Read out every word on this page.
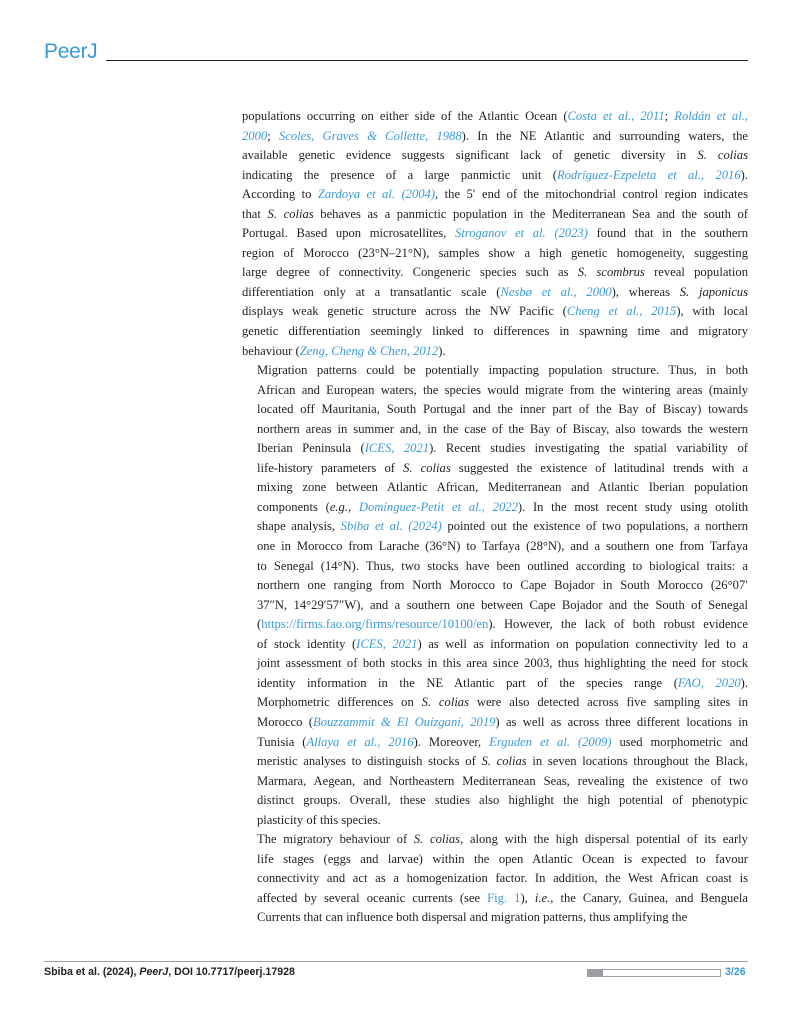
PeerJ

populations occurring on either side of the Atlantic Ocean (Costa et al., 2011; Roldán et al.,
2000; Scoles, Graves & Collette, 1988). In the NE Atlantic and surrounding waters, the
available genetic evidence suggests significant lack of genetic diversity in S. colias
indicating the presence of a large panmictic unit (Rodríguez-Ezpeleta et al., 2016).
According to Zardoya et al. (2004), the 5′ end of the mitochondrial control region indicates
that S. colias behaves as a panmictic population in the Mediterranean Sea and the south of
Portugal. Based upon microsatellites, Stroganov et al. (2023) found that in the southern
region of Morocco (23°N–21°N), samples show a high genetic homogeneity, suggesting
large degree of connectivity. Congeneric species such as S. scombrus reveal population
differentiation only at a transatlantic scale (Nesbø et al., 2000), whereas S. japonicus
displays weak genetic structure across the NW Pacific (Cheng et al., 2015), with local
genetic differentiation seemingly linked to differences in spawning time and migratory
behaviour (Zeng, Cheng & Chen, 2012).

Migration patterns could be potentially impacting population structure. Thus, in both
African and European waters, the species would migrate from the wintering areas (mainly
located off Mauritania, South Portugal and the inner part of the Bay of Biscay) towards
northern areas in summer and, in the case of the Bay of Biscay, also towards the western
Iberian Peninsula (ICES, 2021). Recent studies investigating the spatial variability of
life-history parameters of S. colias suggested the existence of latitudinal trends with a
mixing zone between Atlantic African, Mediterranean and Atlantic Iberian population
components (e.g., Domínguez-Petit et al., 2022). In the most recent study using otolith
shape analysis, Sbiba et al. (2024) pointed out the existence of two populations, a northern
one in Morocco from Larache (36°N) to Tarfaya (28°N), and a southern one from Tarfaya
to Senegal (14°N). Thus, two stocks have been outlined according to biological traits: a
northern one ranging from North Morocco to Cape Bojador in South Morocco (26°07′
37″N, 14°29′57″W), and a southern one between Cape Bojador and the South of Senegal
(https://firms.fao.org/firms/resource/10100/en). However, the lack of both robust evidence
of stock identity (ICES, 2021) as well as information on population connectivity led to a
joint assessment of both stocks in this area since 2003, thus highlighting the need for stock
identity information in the NE Atlantic part of the species range (FAO, 2020).
Morphometric differences on S. colias were also detected across five sampling sites in
Morocco (Bouzzammit & El Ouizgani, 2019) as well as across three different locations in
Tunisia (Allaya et al., 2016). Moreover, Erguden et al. (2009) used morphometric and
meristic analyses to distinguish stocks of S. colias in seven locations throughout the Black,
Marmara, Aegean, and Northeastern Mediterranean Seas, revealing the existence of two
distinct groups. Overall, these studies also highlight the high potential of phenotypic
plasticity of this species.

The migratory behaviour of S. colias, along with the high dispersal potential of its early
life stages (eggs and larvae) within the open Atlantic Ocean is expected to favour
connectivity and act as a homogenization factor. In addition, the West African coast is
affected by several oceanic currents (see Fig. 1), i.e., the Canary, Guinea, and Benguela
Currents that can influence both dispersal and migration patterns, thus amplifying the

Sbiba et al. (2024), PeerJ, DOI 10.7717/peerj.17928	3/26
